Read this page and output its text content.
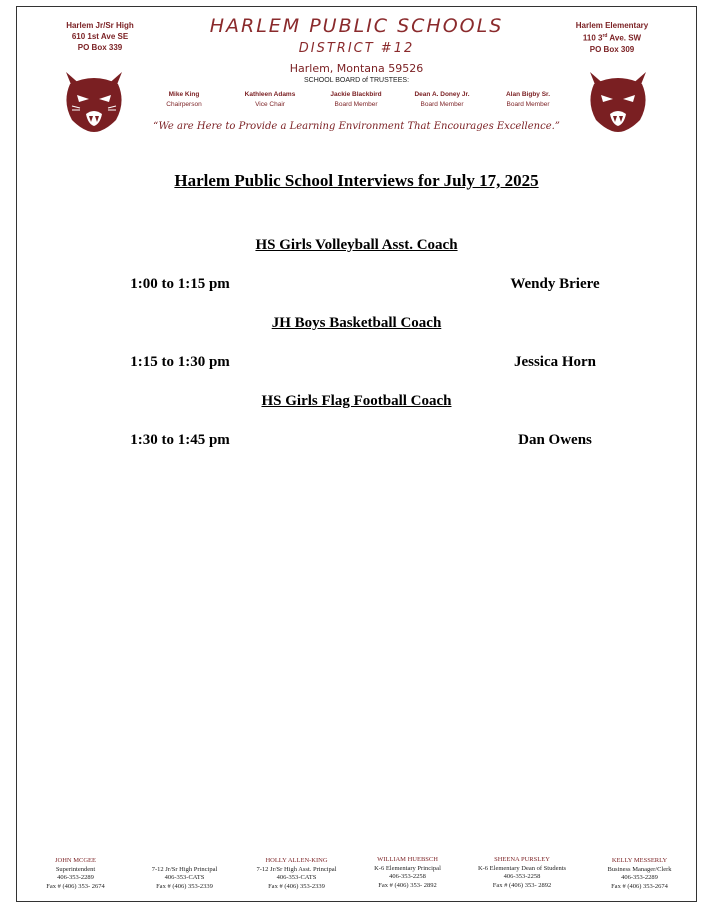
Harlem Jr/Sr High
610 1st Ave SE
PO Box 339
Harlem Elementary
110 3rd Ave. SW
PO Box 309
HARLEM PUBLIC SCHOOLS
DISTRICT #12
Harlem, Montana 59526
SCHOOL BOARD of TRUSTEES:
Mike King
Chairperson
Kathleen Adams
Vice Chair
Jackie Blackbird
Board Member
Dean A. Doney Jr.
Board Member
Alan Bigby Sr.
Board Member
“We are Here to Provide a Learning Environment That Encourages Excellence.”
Harlem Public School Interviews for July 17, 2025
HS Girls Volleyball Asst. Coach
1:00 to 1:15 pm	Wendy Briere
JH Boys Basketball Coach
1:15 to 1:30 pm	Jessica Horn
HS Girls Flag Football Coach
1:30 to 1:45 pm	Dan Owens
JOHN MCGEE
Superintendent
406-353-2289
Fax # (406) 353- 2674

7-12 Jr/Sr High Principal
406-353-CATS
Fax # (406) 353-2339
HOLLY ALLEN-KING
7-12 Jr/Sr High Asst. Principal
406-353-CATS
Fax # (406) 353-2339
WILLIAM HUEBSCH
K-6 Elementary Principal
406-353-2258
Fax # (406) 353- 2892
SHEENA PURSLEY
K-6 Elementary Dean of Students
406-353-2258
Fax # (406) 353- 2892
KELLY MESSERLY
Business Manager/Clerk
406-353-2289
Fax # (406) 353-2674
